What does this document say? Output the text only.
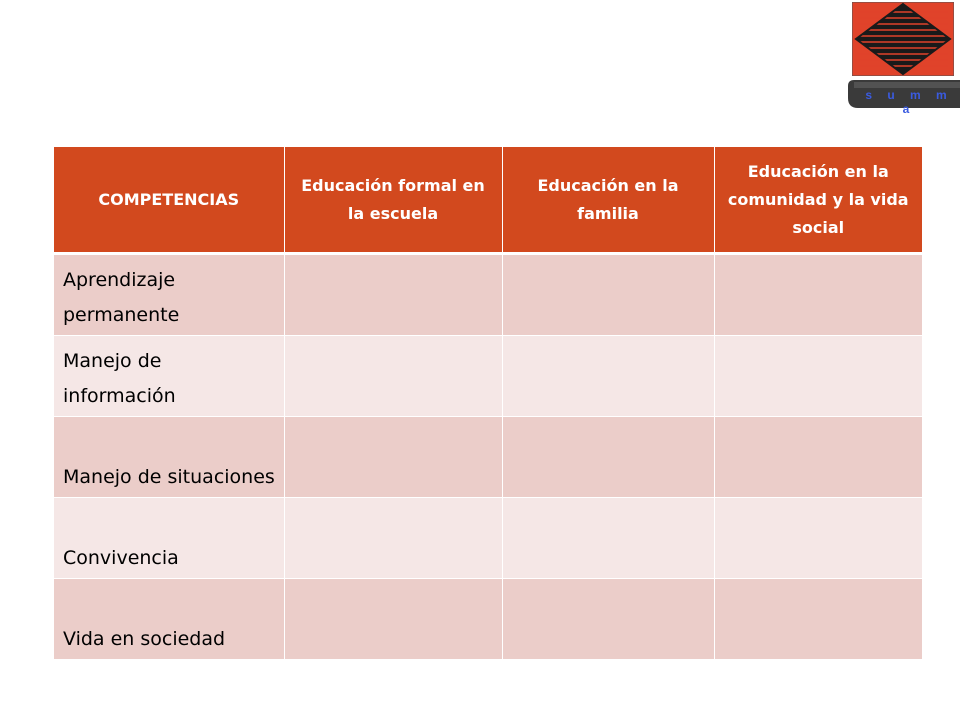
s u m m a
COMPETENCIAS	Educación formal en la escuela	Educación en la familia	Educación en la comunidad y la vida social
Aprendizaje permanente			
Manejo de información			
Manejo de situaciones			
Convivencia			
Vida en sociedad			
